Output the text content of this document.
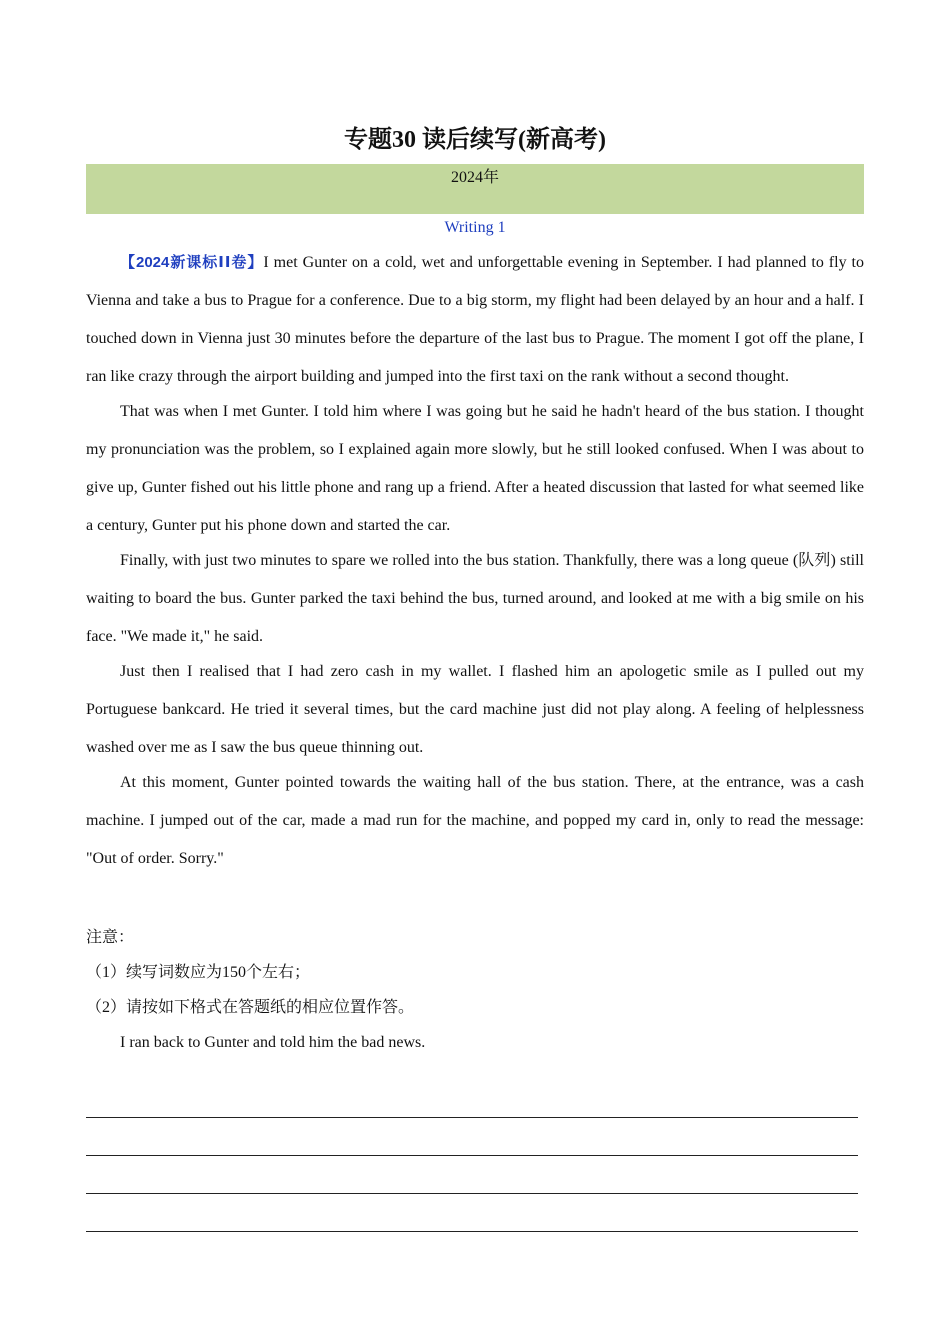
专题30 读后续写(新高考)
2024年
Writing 1

【2024新课标ⅠⅠ卷】I met Gunter on a cold, wet and unforgettable evening in September. I had planned to fly to Vienna and take a bus to Prague for a conference. Due to a big storm, my flight had been delayed by an hour and a half. I touched down in Vienna just 30 minutes before the departure of the last bus to Prague. The moment I got off the plane, I ran like crazy through the airport building and jumped into the first taxi on the rank without a second thought.

That was when I met Gunter. I told him where I was going but he said he hadn't heard of the bus station. I thought my pronunciation was the problem, so I explained again more slowly, but he still looked confused. When I was about to give up, Gunter fished out his little phone and rang up a friend. After a heated discussion that lasted for what seemed like a century, Gunter put his phone down and started the car.

Finally, with just two minutes to spare we rolled into the bus station. Thankfully, there was a long queue (队列) still waiting to board the bus. Gunter parked the taxi behind the bus, turned around, and looked at me with a big smile on his face. "We made it," he said.

Just then I realised that I had zero cash in my wallet. I flashed him an apologetic smile as I pulled out my Portuguese bankcard. He tried it several times, but the card machine just did not play along. A feeling of helplessness washed over me as I saw the bus queue thinning out.

At this moment, Gunter pointed towards the waiting hall of the bus station. There, at the entrance, was a cash machine. I jumped out of the car, made a mad run for the machine, and popped my card in, only to read the message: "Out of order. Sorry."

注意：

（1）续写词数应为150个左右；

（2）请按如下格式在答题纸的相应位置作答。

I ran back to Gunter and told him the bad news.
